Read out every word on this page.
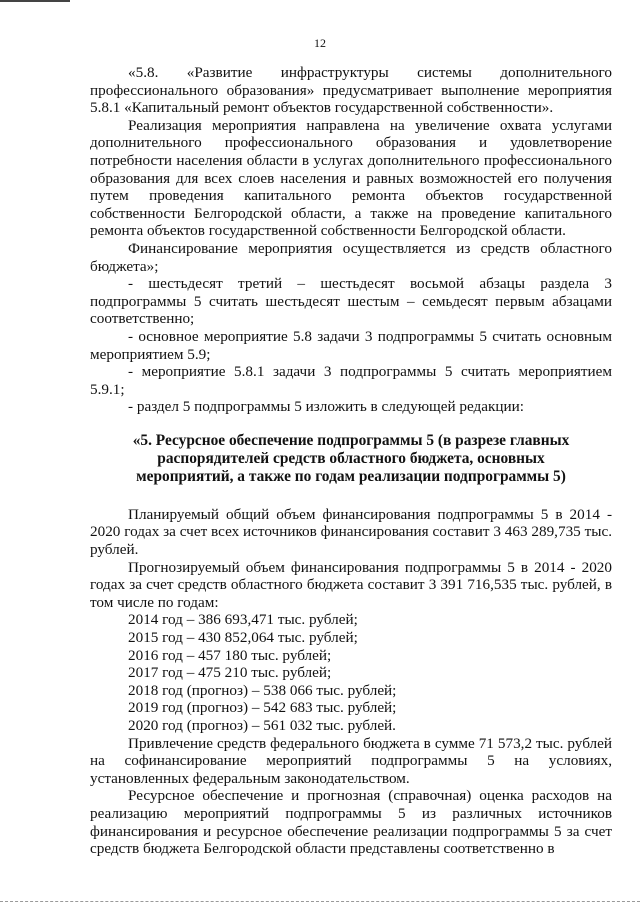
12

«5.8. «Развитие инфраструктуры системы дополнительного профессионального образования» предусматривает выполнение мероприятия 5.8.1 «Капитальный ремонт объектов государственной собственности».

Реализация мероприятия направлена на увеличение охвата услугами дополнительного профессионального образования и удовлетворение потребности населения области в услугах дополнительного профессионального образования для всех слоев населения и равных возможностей его получения путем проведения капитального ремонта объектов государственной собственности Белгородской области, а также на проведение капитального ремонта объектов государственной собственности Белгородской области.

Финансирование мероприятия осуществляется из средств областного бюджета»;

- шестьдесят третий – шестьдесят восьмой абзацы раздела 3 подпрограммы 5 считать шестьдесят шестым – семьдесят первым абзацами соответственно;

- основное мероприятие 5.8 задачи 3 подпрограммы 5 считать основным мероприятием 5.9;

- мероприятие 5.8.1 задачи 3 подпрограммы 5 считать мероприятием 5.9.1;

- раздел 5 подпрограммы 5 изложить в следующей редакции:

«5. Ресурсное обеспечение подпрограммы 5 (в разрезе главных распорядителей средств областного бюджета, основных мероприятий, а также по годам реализации подпрограммы 5)

Планируемый общий объем финансирования подпрограммы 5 в 2014 - 2020 годах за счет всех источников финансирования составит 3 463 289,735 тыс. рублей.

Прогнозируемый объем финансирования подпрограммы 5 в 2014 - 2020 годах за счет средств областного бюджета составит 3 391 716,535 тыс. рублей, в том числе по годам:

2014 год – 386 693,471 тыс. рублей;

2015 год – 430 852,064 тыс. рублей;

2016 год – 457 180 тыс. рублей;

2017 год – 475 210 тыс. рублей;

2018 год (прогноз) – 538 066 тыс. рублей;

2019 год (прогноз) – 542 683 тыс. рублей;

2020 год (прогноз) – 561 032 тыс. рублей.

Привлечение средств федерального бюджета в сумме 71 573,2 тыс. рублей на софинансирование мероприятий подпрограммы 5 на условиях, установленных федеральным законодательством.

Ресурсное обеспечение и прогнозная (справочная) оценка расходов на реализацию мероприятий подпрограммы 5 из различных источников финансирования и ресурсное обеспечение реализации подпрограммы 5 за счет средств бюджета Белгородской области представлены соответственно в
